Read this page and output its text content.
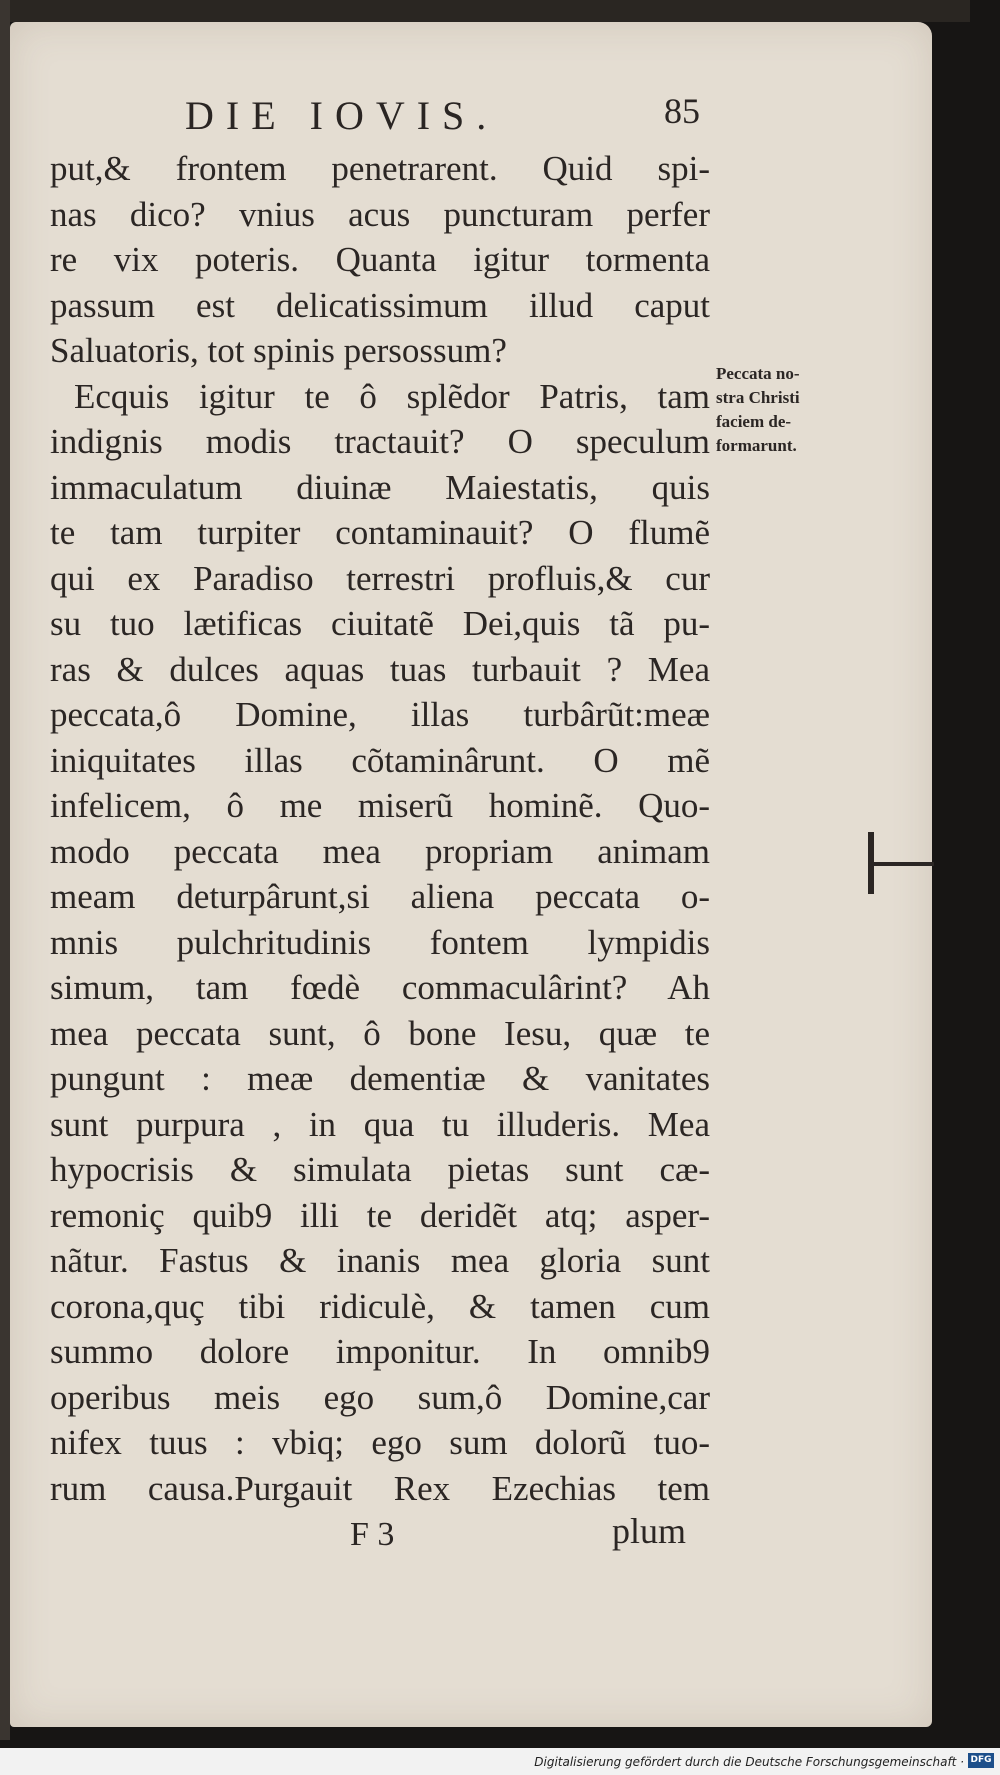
DIE IOVIS.	85
put,& frontem penetrarent. Quid spi-
nas dico? vnius acus puncturam perfer
re vix poteris. Quanta igitur tormenta
passum est delicatissimum illud caput
Saluatoris, tot spinis persossum?
Ecquis igitur te ô splẽdor Patris, tam
indignis modis tractauit? O speculum
immaculatum diuinæ Maiestatis, quis
te tam turpiter contaminauit? O flumẽ
qui ex Paradiso terrestri profluis,& cur
su tuo lætificas ciuitatẽ Dei,quis tã pu-
ras & dulces aquas tuas turbauit ? Mea
peccata,ô Domine, illas turbârũt:meæ
iniquitates illas cõtaminârunt. O mẽ
infelicem, ô me miserũ hominẽ. Quo-
modo peccata mea propriam animam
meam deturpârunt,si aliena peccata o-
mnis pulchritudinis fontem lympidis
simum, tam fœdè commaculârint? Ah
mea peccata sunt, ô bone Iesu, quæ te
pungunt : meæ dementiæ & vanitates
sunt purpura , in qua tu illuderis. Mea
hypocrisis & simulata pietas sunt cæ-
remoniç quib9 illi te deridẽt atq; asper-
nãtur. Fastus & inanis mea gloria sunt
corona,quç tibi ridiculè, & tamen cum
summo dolore imponitur. In omnib9
operibus meis ego sum,ô Domine,car
nifex tuus : vbiq; ego sum dolorũ tuo-
rum causa.Purgauit Rex Ezechias tem
Peccata no-
stra Christi
faciem de-
formarunt.
F 3	plum
Digitalisierung gefördert durch die Deutsche Forschungsgemeinschaft · DFG
